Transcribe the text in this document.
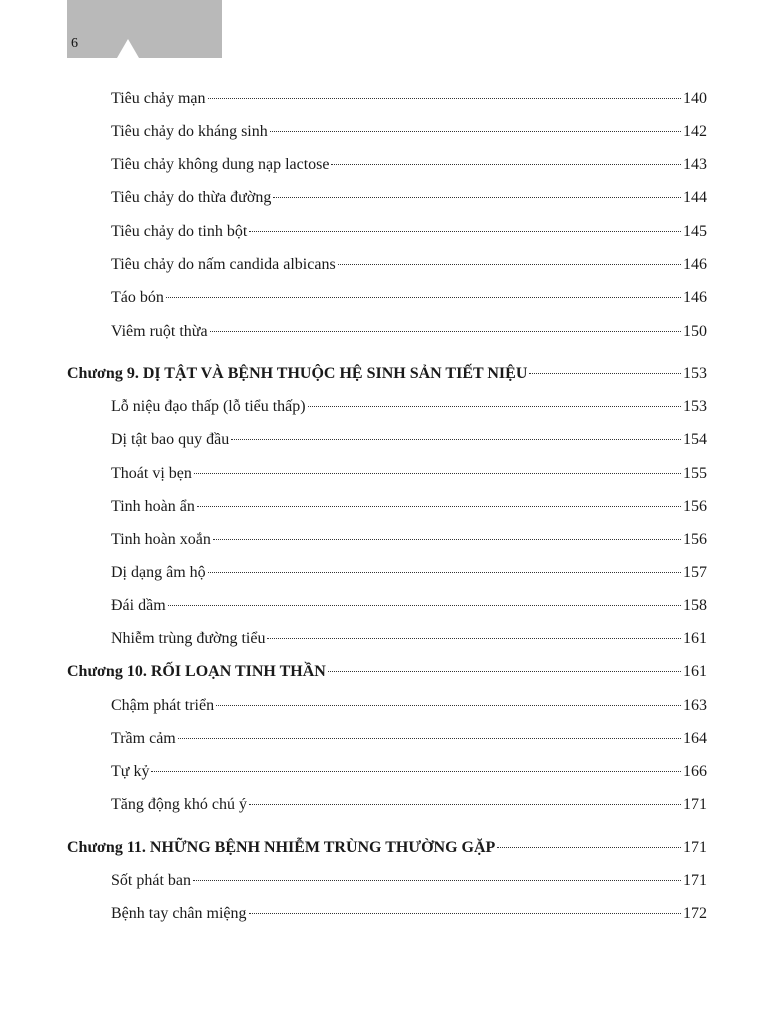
6
Tiêu chảy mạn	140
Tiêu chảy do kháng sinh	142
Tiêu chảy không dung nạp lactose	143
Tiêu chảy do thừa đường	144
Tiêu chảy do tinh bột	145
Tiêu chảy do nấm candida albicans	146
Táo bón	146
Viêm ruột thừa	150
Chương 9. DỊ TẬT VÀ BỆNH THUỘC HỆ SINH SẢN TIẾT NIỆU	153
Lỗ niệu đạo thấp (lỗ tiểu thấp)	153
Dị tật bao quy đầu	154
Thoát vị bẹn	155
Tinh hoàn ẩn	156
Tinh hoàn xoắn	156
Dị dạng âm hộ	157
Đái dầm	158
Nhiễm trùng đường tiểu	161
Chương 10. RỐI LOẠN TINH THẦN	161
Chậm phát triển	163
Trầm cảm	164
Tự kỷ	166
Tăng động khó chú ý	171
Chương 11. NHỮNG BỆNH NHIỄM TRÙNG THƯỜNG GẶP	171
Sốt phát ban	171
Bệnh tay chân miệng	172
